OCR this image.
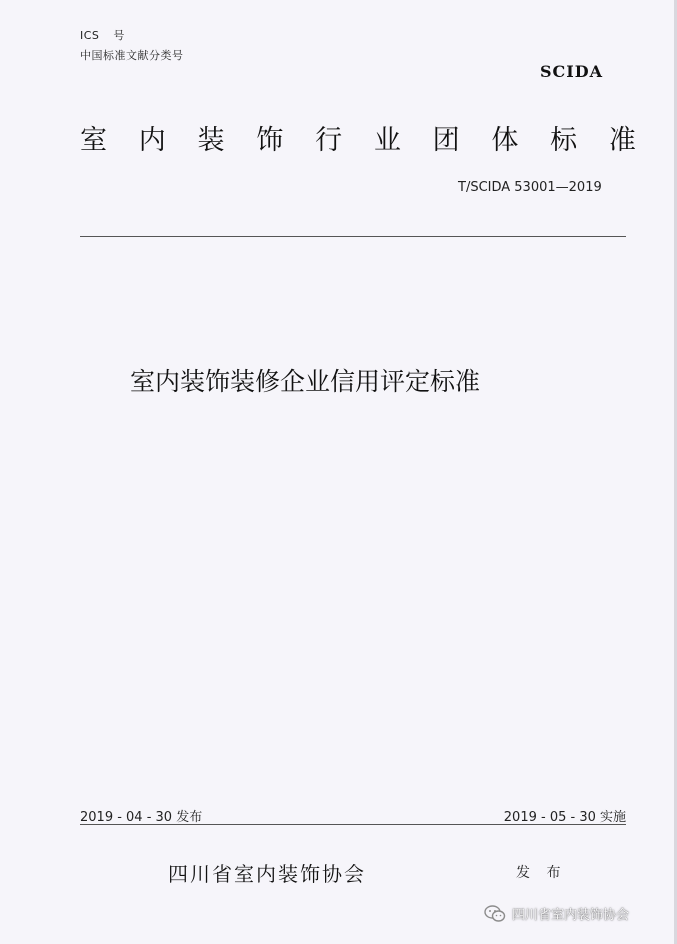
ICS 号
中国标准文献分类号
SCIDA
室 内 装 饰 行 业 团 体 标 准
T/SCIDA 53001—2019
室内装饰装修企业信用评定标准
2019 - 04 - 30 发布	2019 - 05 - 30 实施
四川省室内装饰协会	发 布
四川省室内装饰协会
